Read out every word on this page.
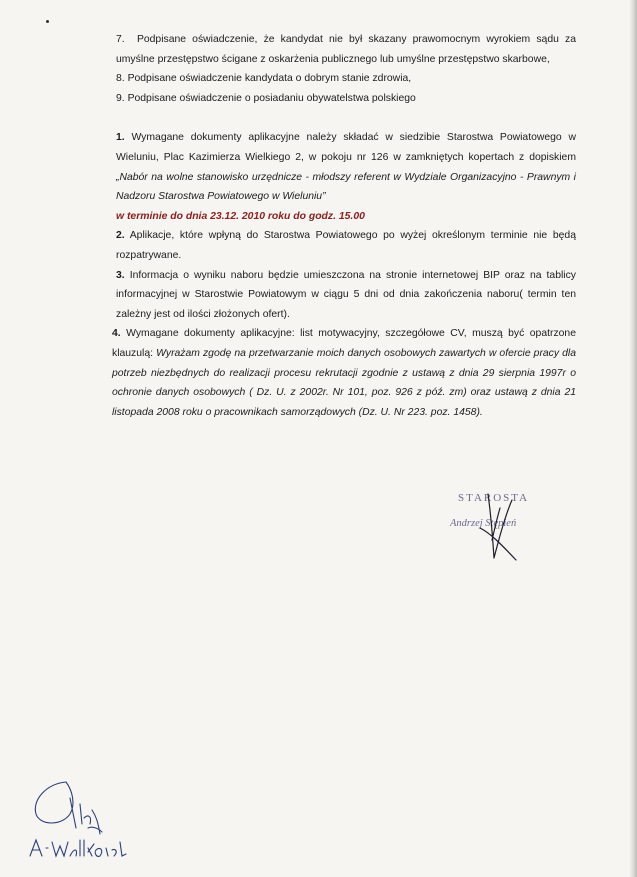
7. Podpisane oświadczenie, że kandydat nie był skazany prawomocnym wyrokiem sądu za umyślne przestępstwo ścigane z oskarżenia publicznego lub umyślne przestępstwo skarbowe,

8. Podpisane oświadczenie kandydata o dobrym stanie zdrowia,

9. Podpisane oświadczenie o posiadaniu obywatelstwa polskiego

1. Wymagane dokumenty aplikacyjne należy składać w siedzibie Starostwa Powiatowego w Wieluniu, Plac Kazimierza Wielkiego 2, w pokoju nr 126 w zamkniętych kopertach z dopiskiem „Nabór na wolne stanowisko urzędnicze - młodszy referent w Wydziale Organizacyjno - Prawnym i Nadzoru Starostwa Powiatowego w Wieluniu”

w terminie do dnia 23.12. 2010 roku do godz. 15.00

2. Aplikacje, które wpłyną do Starostwa Powiatowego po wyżej określonym terminie nie będą rozpatrywane.

3. Informacja o wyniku naboru będzie umieszczona na stronie internetowej BIP oraz na tablicy informacyjnej w Starostwie Powiatowym w ciągu 5 dni od dnia zakończenia naboru( termin ten zależny jest od ilości złożonych ofert).

4. Wymagane dokumenty aplikacyjne: list motywacyjny, szczegółowe CV, muszą być opatrzone klauzulą: Wyrażam zgodę na przetwarzanie moich danych osobowych zawartych w ofercie pracy dla potrzeb niezbędnych do realizacji procesu rekrutacji zgodnie z ustawą z dnia 29 sierpnia 1997r o ochronie danych osobowych ( Dz. U. z 2002r. Nr 101, poz. 926 z póź. zm) oraz ustawą z dnia 21 listopada 2008 roku o pracownikach samorządowych (Dz. U. Nr 223. poz. 1458).

STAROSTA
Andrzej Stępień
